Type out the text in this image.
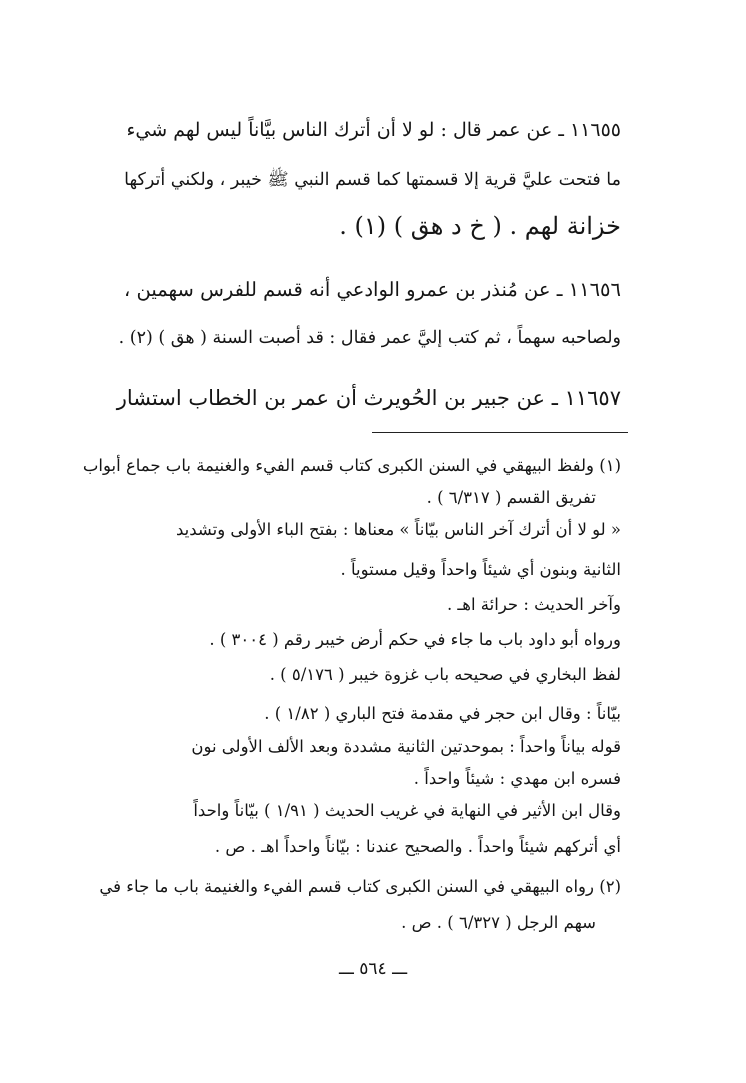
١١٦٥٥ ـ عن عمر قال : لو لا أن أترك الناس بيَّاناً ليس لهم شيء
ما فتحت عليَّ قرية إلا قسمتها كما قسم النبي ﷺ خيبر ، ولكني أتركها
خزانة لهم . ( خ د هق ) (١) .
١١٦٥٦ ـ عن مُنذر بن عمرو الوادعي أنه قسم للفرس سهمين ،
ولصاحبه سهماً ، ثم كتب إليَّ عمر فقال : قد أصبت السنة ( هق ) (٢) .
١١٦٥٧ ـ عن جبير بن الحُويرث أن عمر بن الخطاب استشار
(١) ولفظ البيهقي في السنن الكبرى كتاب قسم الفيء والغنيمة باب جماع أبواب
تفريق القسم ( ٦/٣١٧ ) .
« لو لا أن أترك آخر الناس بيّاناً » معناها : بفتح الباء الأولى وتشديد
الثانية وبنون أي شيئاً واحداً وقيل مستوياً .
وآخر الحديث : حرائة اهـ .
ورواه أبو داود باب ما جاء في حكم أرض خيبر رقم ( ٣٠٠٤ ) .
لفظ البخاري في صحيحه باب غزوة خيبر ( ٥/١٧٦ ) .
بيّاناً : وقال ابن حجر في مقدمة فتح الباري ( ١/٨٢ ) .
قوله بياناً واحداً : بموحدتين الثانية مشددة وبعد الألف الأولى نون
فسره ابن مهدي : شيئاً واحداً .
وقال ابن الأثير في النهاية في غريب الحديث ( ١/٩١ ) بيّاناً واحداً
أي أتركهم شيئاً واحداً . والصحيح عندنا : بيّاناً واحداً اهـ . ص .
(٢) رواه البيهقي في السنن الكبرى كتاب قسم الفيء والغنيمة باب ما جاء في
سهم الرجل ( ٦/٣٢٧ ) . ص .
ـــ ٥٦٤ ـــ
